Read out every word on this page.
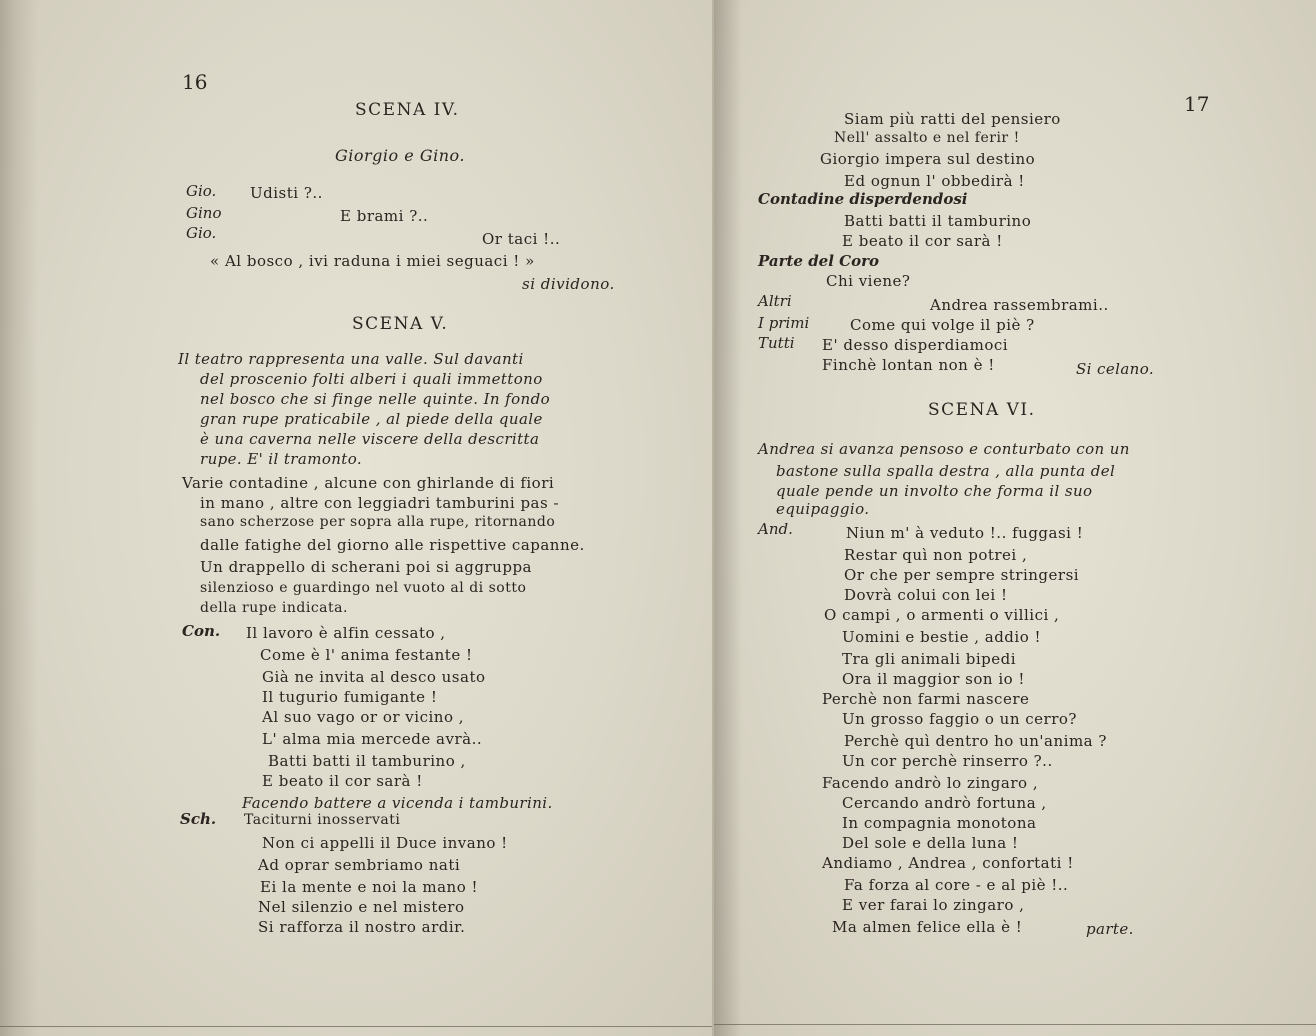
16
SCENA IV.
Giorgio e Gino.
Gio. Udisti ?..
Gino	E brami ?..
Gio.	Or taci !..
« Al bosco , ivi raduna i miei seguaci ! »
si dividono.
SCENA V.
Il teatro rappresenta una valle. Sul davanti
del proscenio folti alberi i quali immettono
nel bosco che si finge nelle quinte. In fondo
gran rupe praticabile , al piede della quale
è una caverna nelle viscere della descritta
rupe. E' il tramonto.
Varie contadine , alcune con ghirlande di fiori
in mano , altre con leggiadri tamburini pas -
sano scherzose per sopra alla rupe, ritornando
dalle fatighe del giorno alle rispettive capanne.
Un drappello di scherani poi si aggruppa
silenzioso e guardingo nel vuoto al di sotto
della rupe indicata.
Con. Il lavoro è alfin cessato ,
Come è l' anima festante !
Già ne invita al desco usato
Il tugurio fumigante !
Al suo vago or or vicino ,
L' alma mia mercede avrà..
Batti batti il tamburino ,
E beato il cor sarà !
Facendo battere a vicenda i tamburini.
Sch. Taciturni inosservati
Non ci appelli il Duce invano !
Ad oprar sembriamo nati
Ei la mente e noi la mano !
Nel silenzio e nel mistero
Si rafforza il nostro ardir.
17
Siam più ratti del pensiero
Nell' assalto e nel ferir !
Giorgio impera sul destino
Ed ognun l' obbedirà !
Contadine disperdendosi
Batti batti il tamburino
E beato il cor sarà !
Parte del Coro
Chi viene?
Altri	Andrea rassembrami..
I primi	Come qui volge il piè ?
Tutti E' desso disperdiamoci
Finchè lontan non è !	Si celano.
SCENA VI.
Andrea si avanza pensoso e conturbato con un
bastone sulla spalla destra , alla punta del
quale pende un involto che forma il suo
equipaggio.
And.	Niun m' à veduto !.. fuggasi !
Restar quì non potrei ,
Or che per sempre stringersi
Dovrà colui con lei !
O campi , o armenti o villici ,
Uomini e bestie , addio !
Tra gli animali bipedi
Ora il maggior son io !
Perchè non farmi nascere
Un grosso faggio o un cerro?
Perchè quì dentro ho un'anima ?
Un cor perchè rinserro ?..
Facendo andrò lo zingaro ,
Cercando andrò fortuna ,
In compagnia monotona
Del sole e della luna !
Andiamo , Andrea , confortati !
Fa forza al core - e al piè !..
E ver farai lo zingaro ,
Ma almen felice ella è !	parte.
